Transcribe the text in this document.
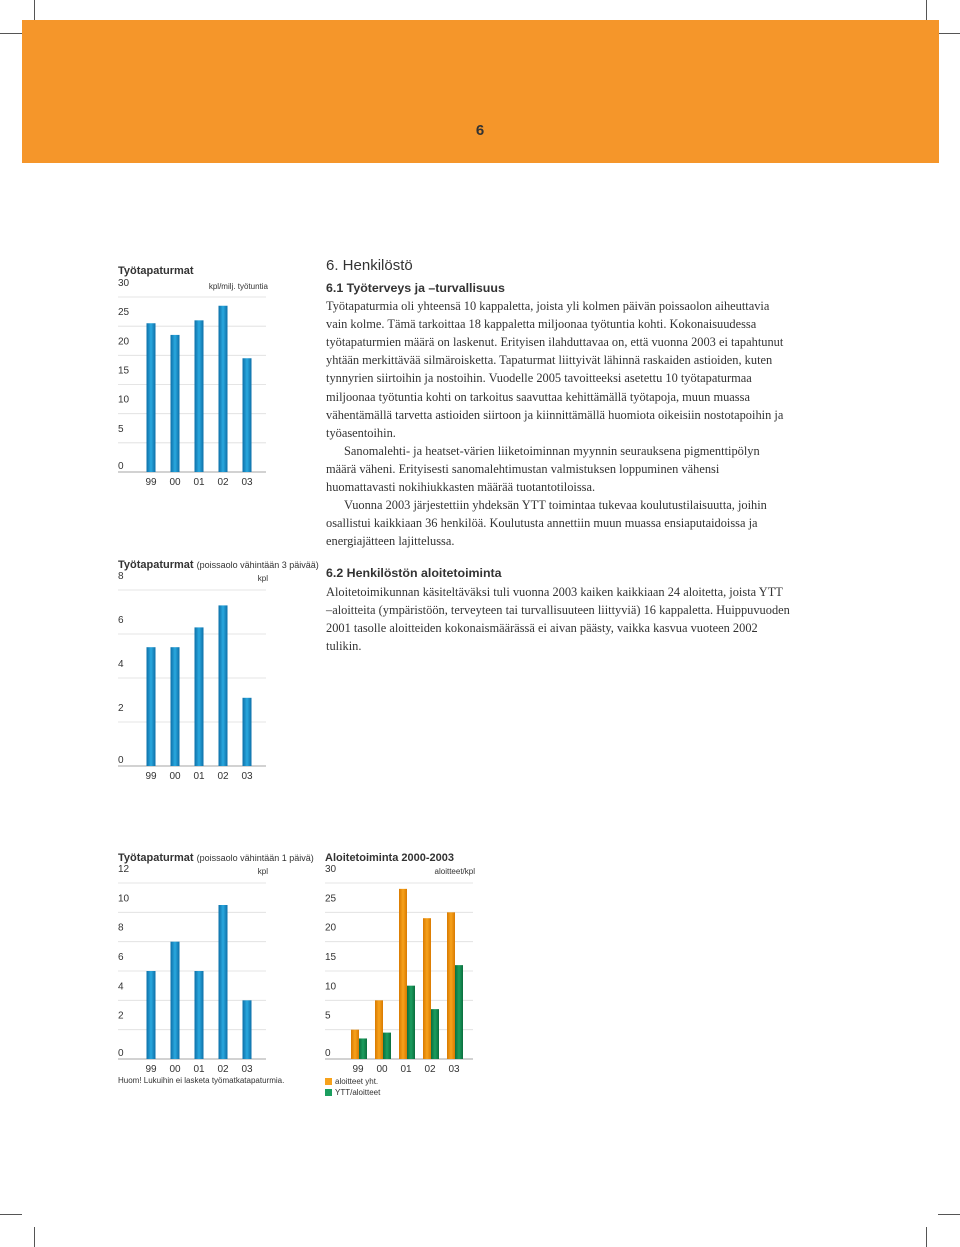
6
Työtapaturmat
kpl/milj. työtuntia
0
5
10
15
20
25
30
99 00 01 02 03
Työtapaturmat (poissaolo vähintään 3 päivää)
kpl
0
2
4
6
8
99 00 01 02 03
Työtapaturmat (poissaolo vähintään 1 päivä)
kpl
0
2
4
6
8
10
12
99 00 01 02 03
Huom! Lukuihin ei lasketa työmatkatapaturmia.
Aloitetoiminta 2000-2003
aloitteet/kpl
0
5
10
15
20
25
30
99 00 01 02 03
aloitteet yht.
YTT/aloitteet
6. Henkilöstö
6.1 Työterveys ja –turvallisuus

Työtapaturmia oli yhteensä 10 kappaletta, joista yli kolmen päivän poissaolon aiheuttavia vain kolme. Tämä tarkoittaa 18 kappaletta miljoonaa työtuntia kohti. Kokonaisuudessa työtapaturmien määrä on laskenut. Erityisen ilahduttavaa on, että vuonna 2003 ei tapahtunut yhtään merkittävää silmäroisketta. Tapaturmat liittyivät lähinnä raskaiden astioiden, kuten tynnyrien siirtoihin ja nostoihin. Vuodelle 2005 tavoitteeksi asetettu 10 työtapaturmaa miljoonaa työtuntia kohti on tarkoitus saavuttaa kehittämällä työtapoja, muun muassa vähentämällä tarvetta astioiden siirtoon ja kiinnittämällä huomiota oikeisiin nostotapoihin ja työasentoihin.

Sanomalehti- ja heatset-värien liiketoiminnan myynnin seurauksena pigmenttipölyn määrä väheni. Erityisesti sanomalehtimustan valmistuksen loppuminen vähensi huomattavasti nokihiukkasten määrää tuotantotiloissa.

Vuonna 2003 järjestettiin yhdeksän YTT toimintaa tukevaa koulutustilaisuutta, joihin osallistui kaikkiaan 36 henkilöä. Koulutusta annettiin muun muassa ensiaputaidoissa ja energiajätteen lajittelussa.

6.2 Henkilöstön aloitetoiminta

Aloitetoimikunnan käsiteltäväksi tuli vuonna 2003 kaiken kaikkiaan 24 aloitetta, joista YTT –aloitteita (ympäristöön, terveyteen tai turvallisuuteen liittyviä) 16 kappaletta. Huippuvuoden 2001 tasolle aloitteiden kokonaismäärässä ei aivan päästy, vaikka kasvua vuoteen 2002 tulikin.
